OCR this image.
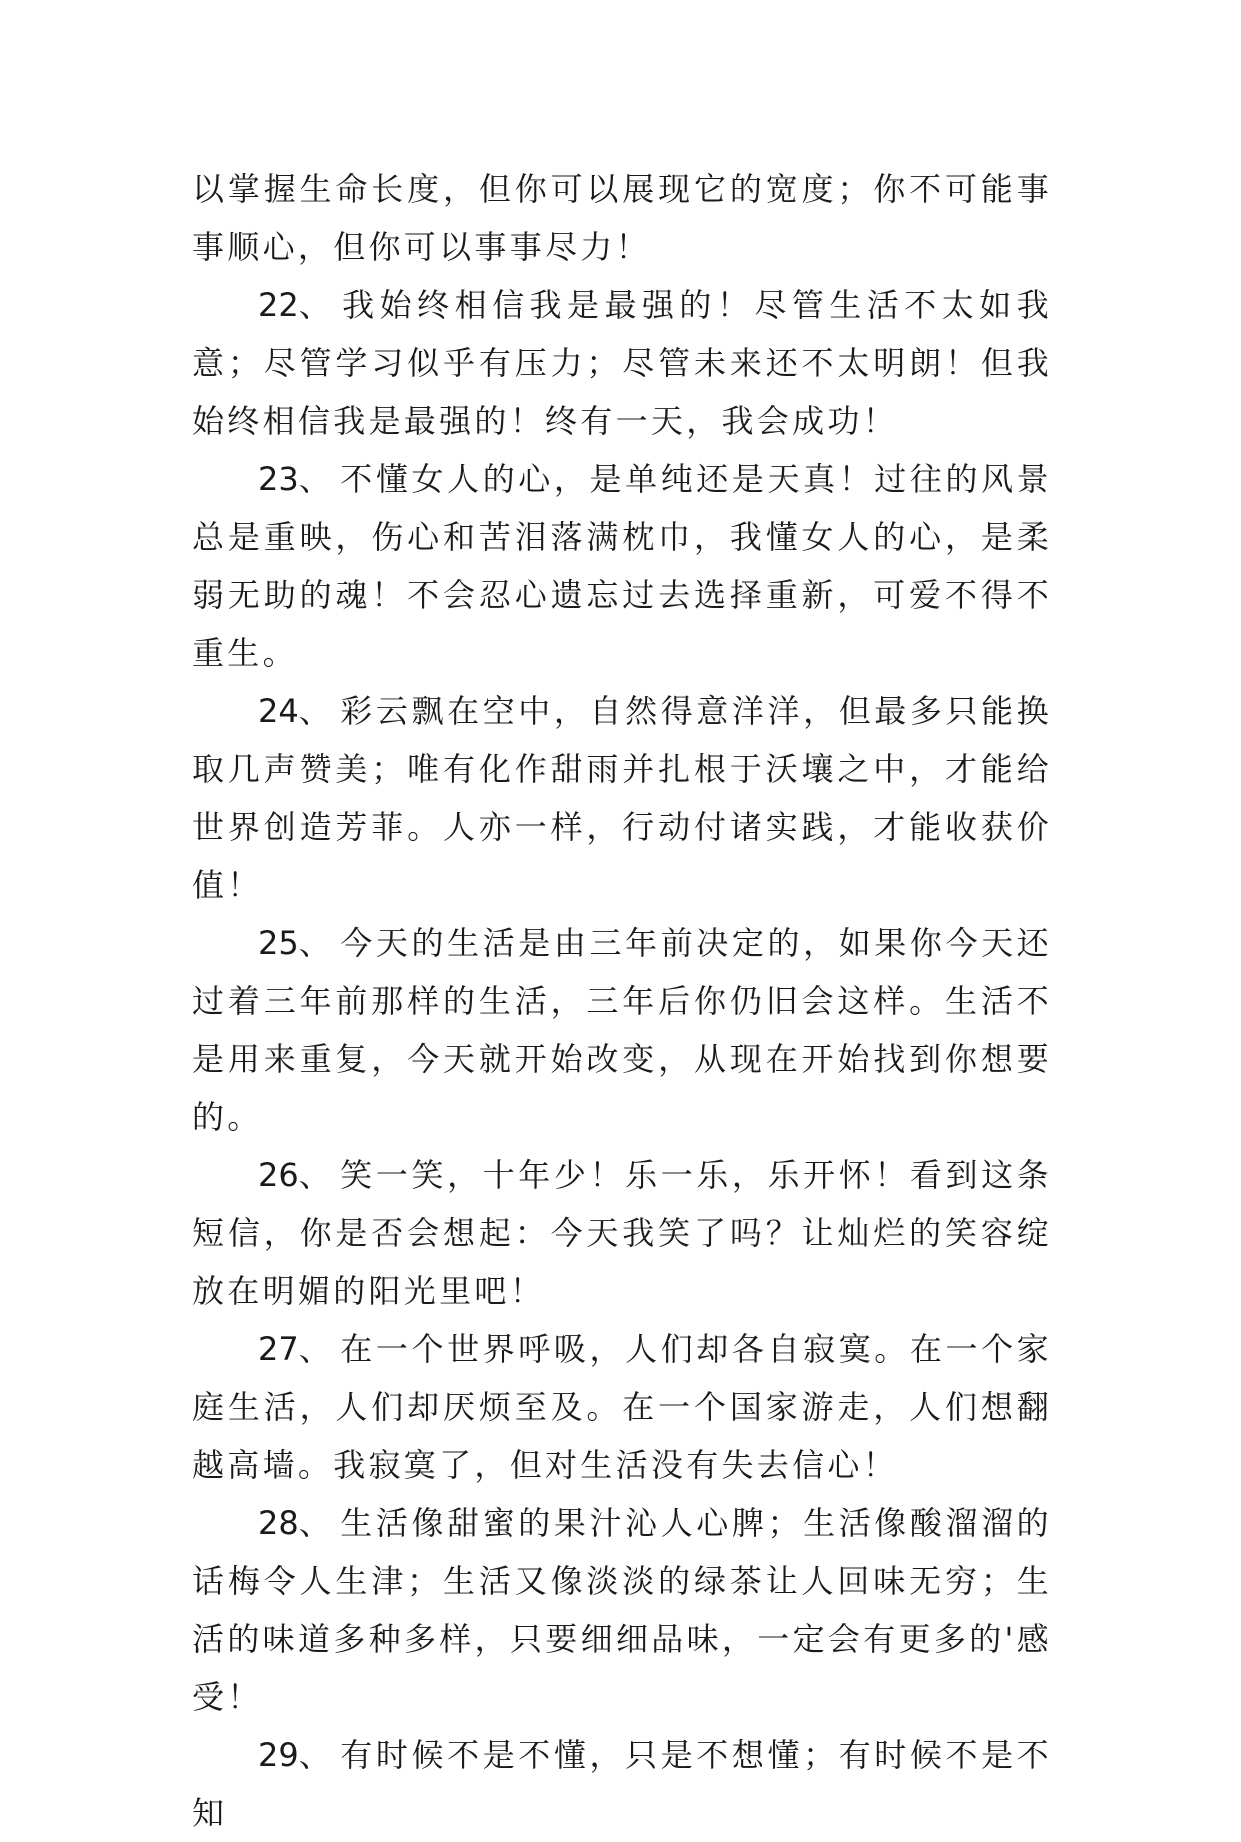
以掌握生命长度，但你可以展现它的宽度；你不可能事事顺心，但你可以事事尽力！

22、 我始终相信我是最强的！尽管生活不太如我意；尽管学习似乎有压力；尽管未来还不太明朗！但我始终相信我是最强的！终有一天，我会成功！

23、 不懂女人的心，是单纯还是天真！过往的风景总是重映，伤心和苦泪落满枕巾，我懂女人的心，是柔弱无助的魂！不会忍心遗忘过去选择重新，可爱不得不重生。

24、 彩云飘在空中，自然得意洋洋，但最多只能换取几声赞美；唯有化作甜雨并扎根于沃壤之中，才能给世界创造芳菲。人亦一样，行动付诸实践，才能收获价值！

25、 今天的生活是由三年前决定的，如果你今天还过着三年前那样的生活，三年后你仍旧会这样。生活不是用来重复，今天就开始改变，从现在开始找到你想要的。

26、 笑一笑，十年少！乐一乐，乐开怀！看到这条短信，你是否会想起：今天我笑了吗？让灿烂的笑容绽放在明媚的阳光里吧！

27、 在一个世界呼吸，人们却各自寂寞。在一个家庭生活，人们却厌烦至及。在一个国家游走，人们想翻越高墙。我寂寞了，但对生活没有失去信心！

28、 生活像甜蜜的果汁沁人心脾；生活像酸溜溜的话梅令人生津；生活又像淡淡的绿茶让人回味无穷；生活的味道多种多样，只要细细品味，一定会有更多的'感受！

29、 有时候不是不懂，只是不想懂；有时候不是不知
